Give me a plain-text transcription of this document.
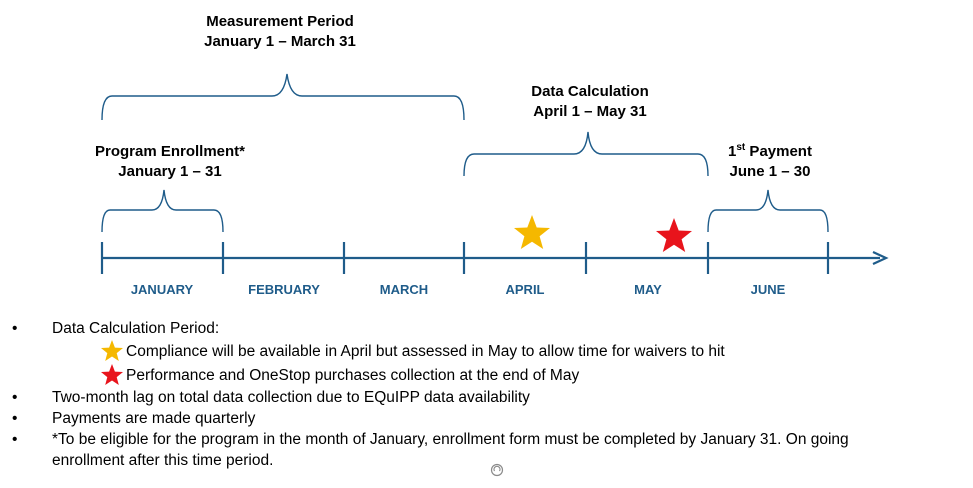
Measurement Period
January 1 – March 31
Program Enrollment*
January 1 – 31
Data Calculation
April 1 – May 31
1st Payment
June 1 – 30
JANUARY	FEBRUARY	MARCH	APRIL	MAY	JUNE
•	Data Calculation Period:
Compliance will be available in April but assessed in May to allow time for waivers to hit
Performance and OneStop purchases collection at the end of May
•	Two-month lag on total data collection due to EQuIPP data availability
•	Payments are made quarterly
•	*To be eligible for the program in the month of January, enrollment form must be completed by January 31. On going
enrollment after this time period.
